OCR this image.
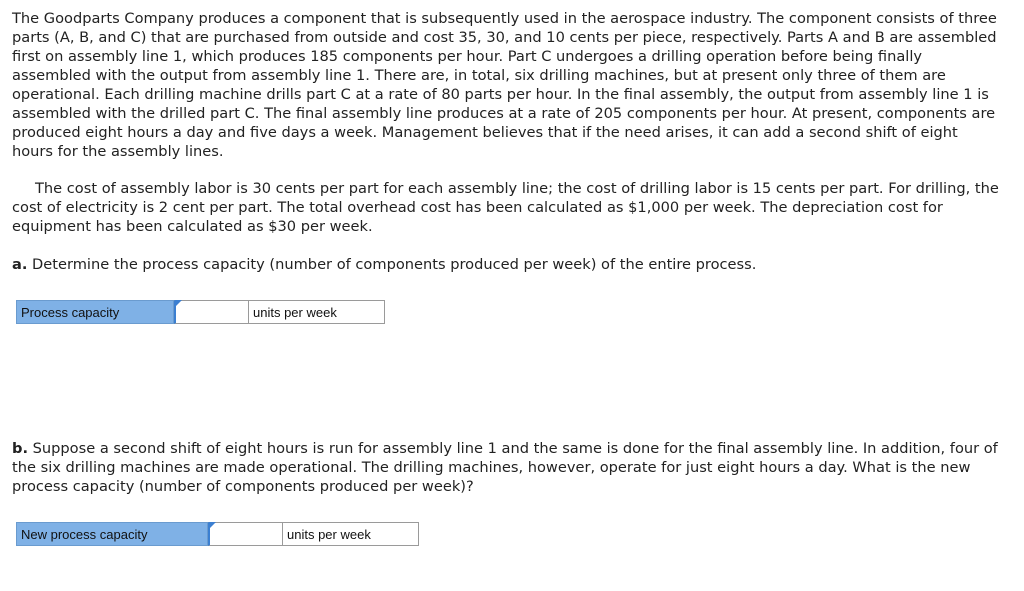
The Goodparts Company produces a component that is subsequently used in the aerospace industry. The component consists of three parts (A, B, and C) that are purchased from outside and cost 35, 30, and 10 cents per piece, respectively. Parts A and B are assembled first on assembly line 1, which produces 185 components per hour. Part C undergoes a drilling operation before being finally assembled with the output from assembly line 1. There are, in total, six drilling machines, but at present only three of them are operational. Each drilling machine drills part C at a rate of 80 parts per hour. In the final assembly, the output from assembly line 1 is assembled with the drilled part C. The final assembly line produces at a rate of 205 components per hour. At present, components are produced eight hours a day and five days a week. Management believes that if the need arises, it can add a second shift of eight hours for the assembly lines.

The cost of assembly labor is 30 cents per part for each assembly line; the cost of drilling labor is 15 cents per part. For drilling, the cost of electricity is 2 cent per part. The total overhead cost has been calculated as $1,000 per week. The depreciation cost for equipment has been calculated as $30 per week.

a. Determine the process capacity (number of components produced per week) of the entire process.

Process capacity	units per week

b. Suppose a second shift of eight hours is run for assembly line 1 and the same is done for the final assembly line. In addition, four of the six drilling machines are made operational. The drilling machines, however, operate for just eight hours a day. What is the new process capacity (number of components produced per week)?

New process capacity	units per week
